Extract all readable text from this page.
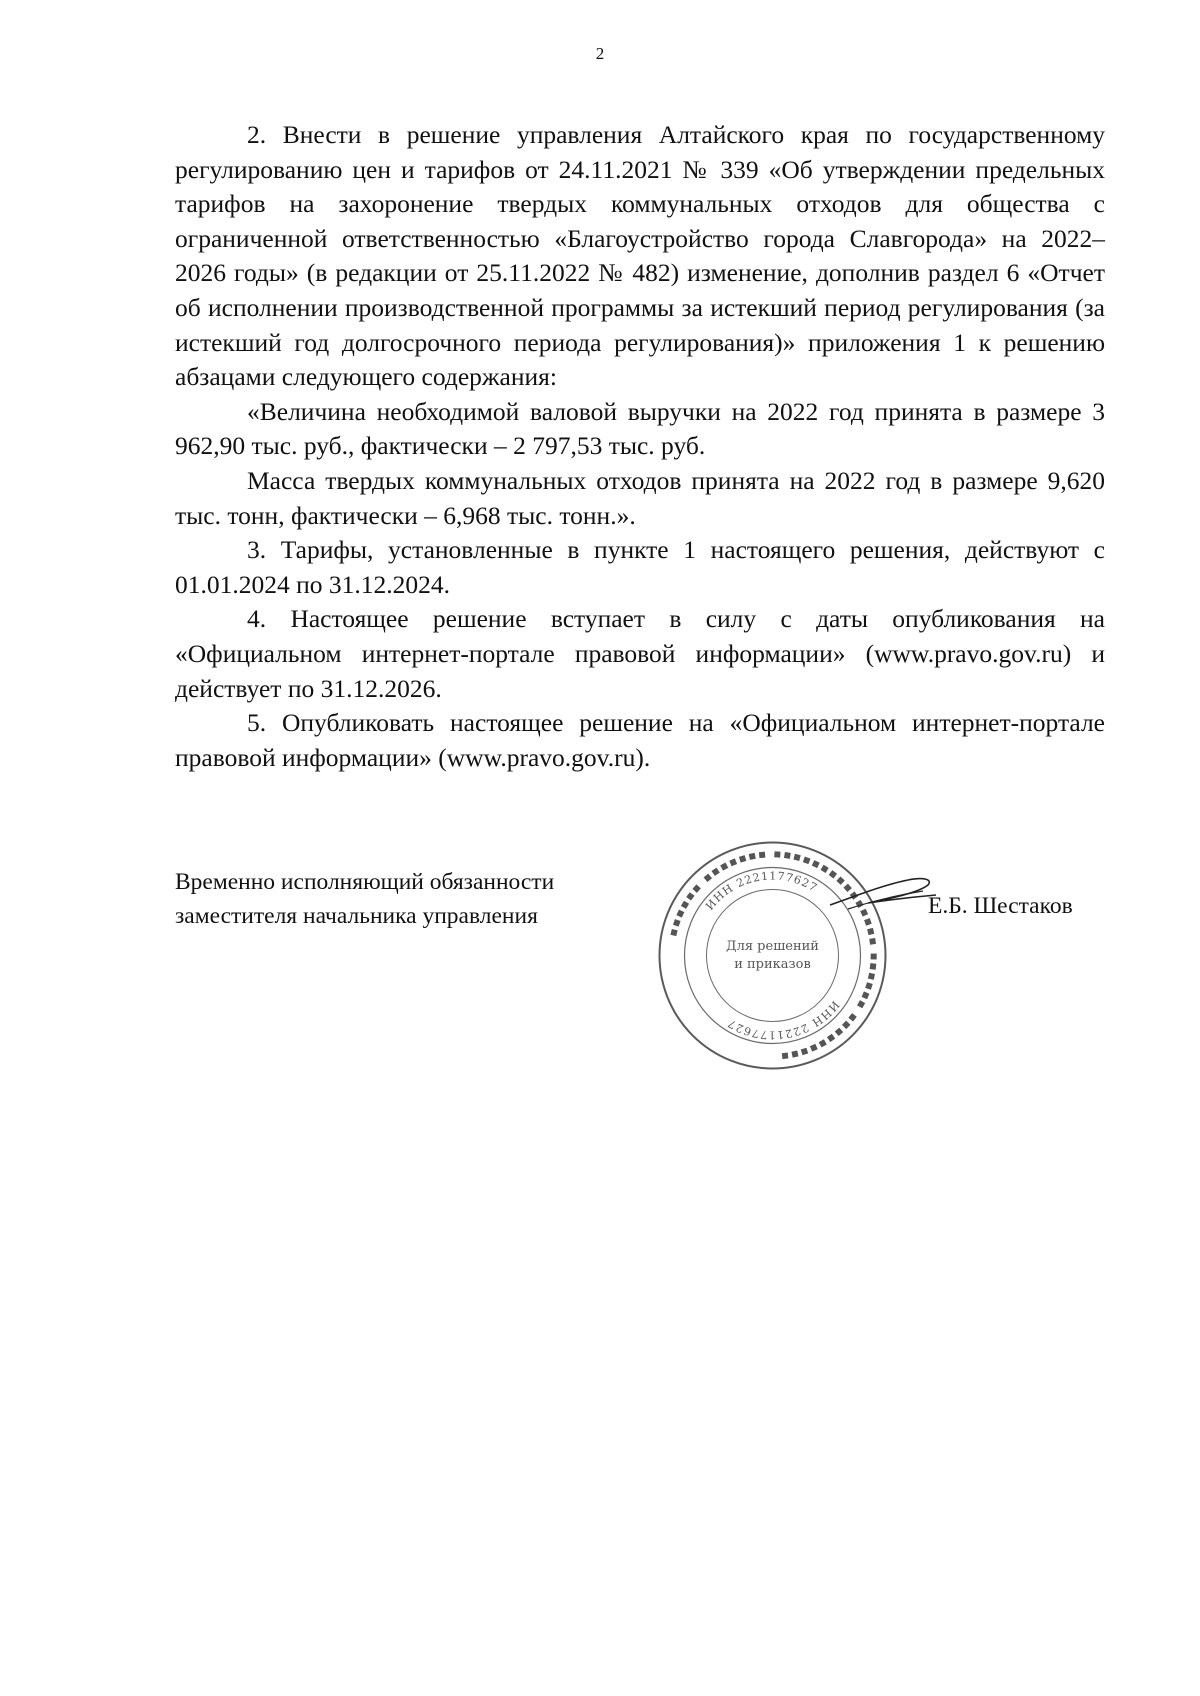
2

2. Внести в решение управления Алтайского края по государственному регулированию цен и тарифов от 24.11.2021 № 339 «Об утверждении предельных тарифов на захоронение твердых коммунальных отходов для общества с ограниченной ответственностью «Благоустройство города Славгорода» на 2022–2026 годы» (в редакции от 25.11.2022 № 482) изменение, дополнив раздел 6 «Отчет об исполнении производственной программы за истекший период регулирования (за истекший год долгосрочного периода регулирования)» приложения 1 к решению абзацами следующего содержания:

«Величина необходимой валовой выручки на 2022 год принята в размере 3 962,90 тыс. руб., фактически – 2 797,53 тыс. руб.

Масса твердых коммунальных отходов принята на 2022 год в размере 9,620 тыс. тонн, фактически – 6,968 тыс. тонн.».

3. Тарифы, установленные в пункте 1 настоящего решения, действуют с 01.01.2024 по 31.12.2024.

4. Настоящее решение вступает в силу с даты опубликования на «Официальном интернет-портале правовой информации» (www.pravo.gov.ru) и действует по 31.12.2026.

5. Опубликовать настоящее решение на «Официальном интернет-портале правовой информации» (www.pravo.gov.ru).

Временно исполняющий обязанности

заместителя начальника управления

▪▪▪▪▪▪ ▪▪▪▪▪▪▪ ▪▪▪▪▪▪▪▪▪▪▪▪▪▪▪ ▪▪▪▪▪▪ ▪▪▪▪▪▪▪▪▪
ИНН 2221177627
ИНН 2221177627
Для решений
и приказов
Е.Б. Шестаков
